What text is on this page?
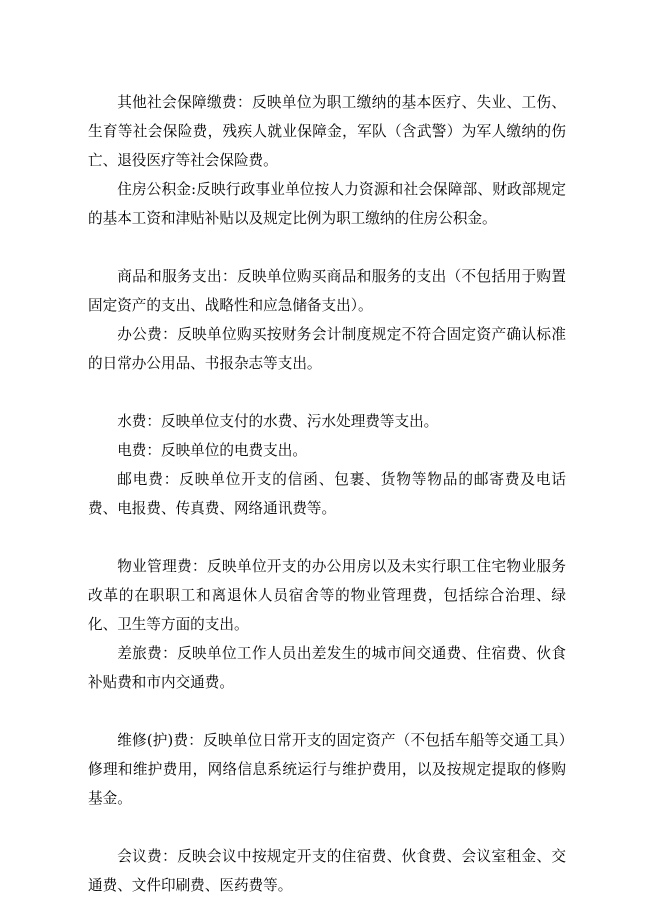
其他社会保障缴费：反映单位为职工缴纳的基本医疗、失业、工伤、生育等社会保险费，残疾人就业保障金，军队（含武警）为军人缴纳的伤亡、退役医疗等社会保险费。

住房公积金:反映行政事业单位按人力资源和社会保障部、财政部规定的基本工资和津贴补贴以及规定比例为职工缴纳的住房公积金。

商品和服务支出：反映单位购买商品和服务的支出（不包括用于购置固定资产的支出、战略性和应急储备支出）。

办公费：反映单位购买按财务会计制度规定不符合固定资产确认标准的日常办公用品、书报杂志等支出。

水费：反映单位支付的水费、污水处理费等支出。

电费：反映单位的电费支出。

邮电费：反映单位开支的信函、包裹、货物等物品的邮寄费及电话费、电报费、传真费、网络通讯费等。

物业管理费：反映单位开支的办公用房以及未实行职工住宅物业服务改革的在职职工和离退休人员宿舍等的物业管理费，包括综合治理、绿化、卫生等方面的支出。

差旅费：反映单位工作人员出差发生的城市间交通费、住宿费、伙食补贴费和市内交通费。

维修(护)费：反映单位日常开支的固定资产（不包括车船等交通工具）修理和维护费用，网络信息系统运行与维护费用，以及按规定提取的修购基金。

会议费：反映会议中按规定开支的住宿费、伙食费、会议室租金、交通费、文件印刷费、医药费等。
